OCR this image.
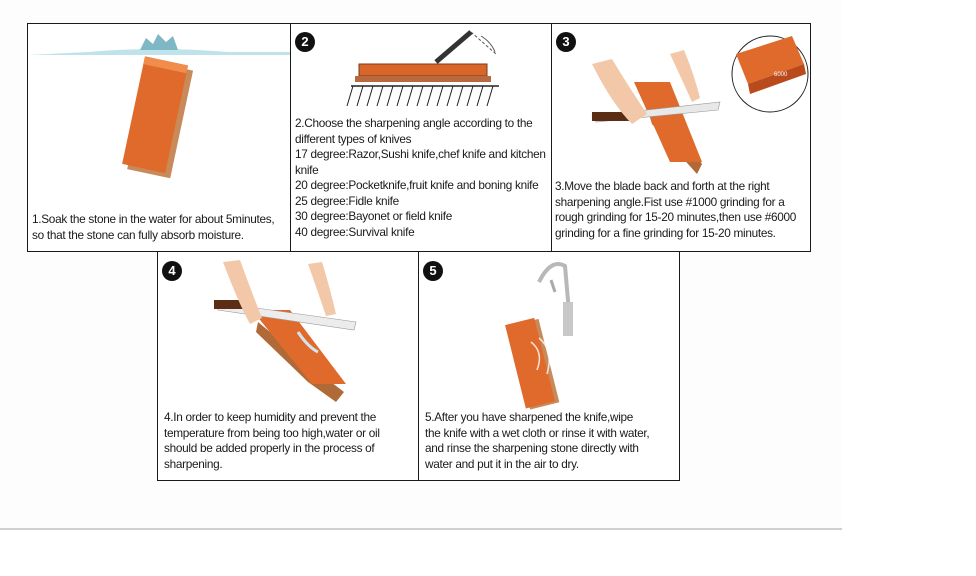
1.Soak the stone in the water for about 5minutes,
so that the stone can fully absorb moisture.
2
2.Choose the sharpening angle according to the
different types of knives
17 degree:Razor,Sushi knife,chef knife and kitchen
knife
20 degree:Pocketknife,fruit knife and boning knife
25 degree:Fidle knife
30 degree:Bayonet or field knife
40 degree:Survival knife
3
6000
3.Move the blade back and forth at the right
sharpening angle.Fist use #1000 grinding for a
rough grinding for 15-20 minutes,then use #6000
grinding for a fine grinding for 15-20 minutes.
4
4.In order to keep humidity and prevent the
temperature from being too high,water or oil
should be added properly in the process of
sharpening.
5
5.After you have sharpened the knife,wipe
the knife with a wet cloth or rinse it with water,
and rinse the sharpening stone directly with
water and put it in the air to dry.
